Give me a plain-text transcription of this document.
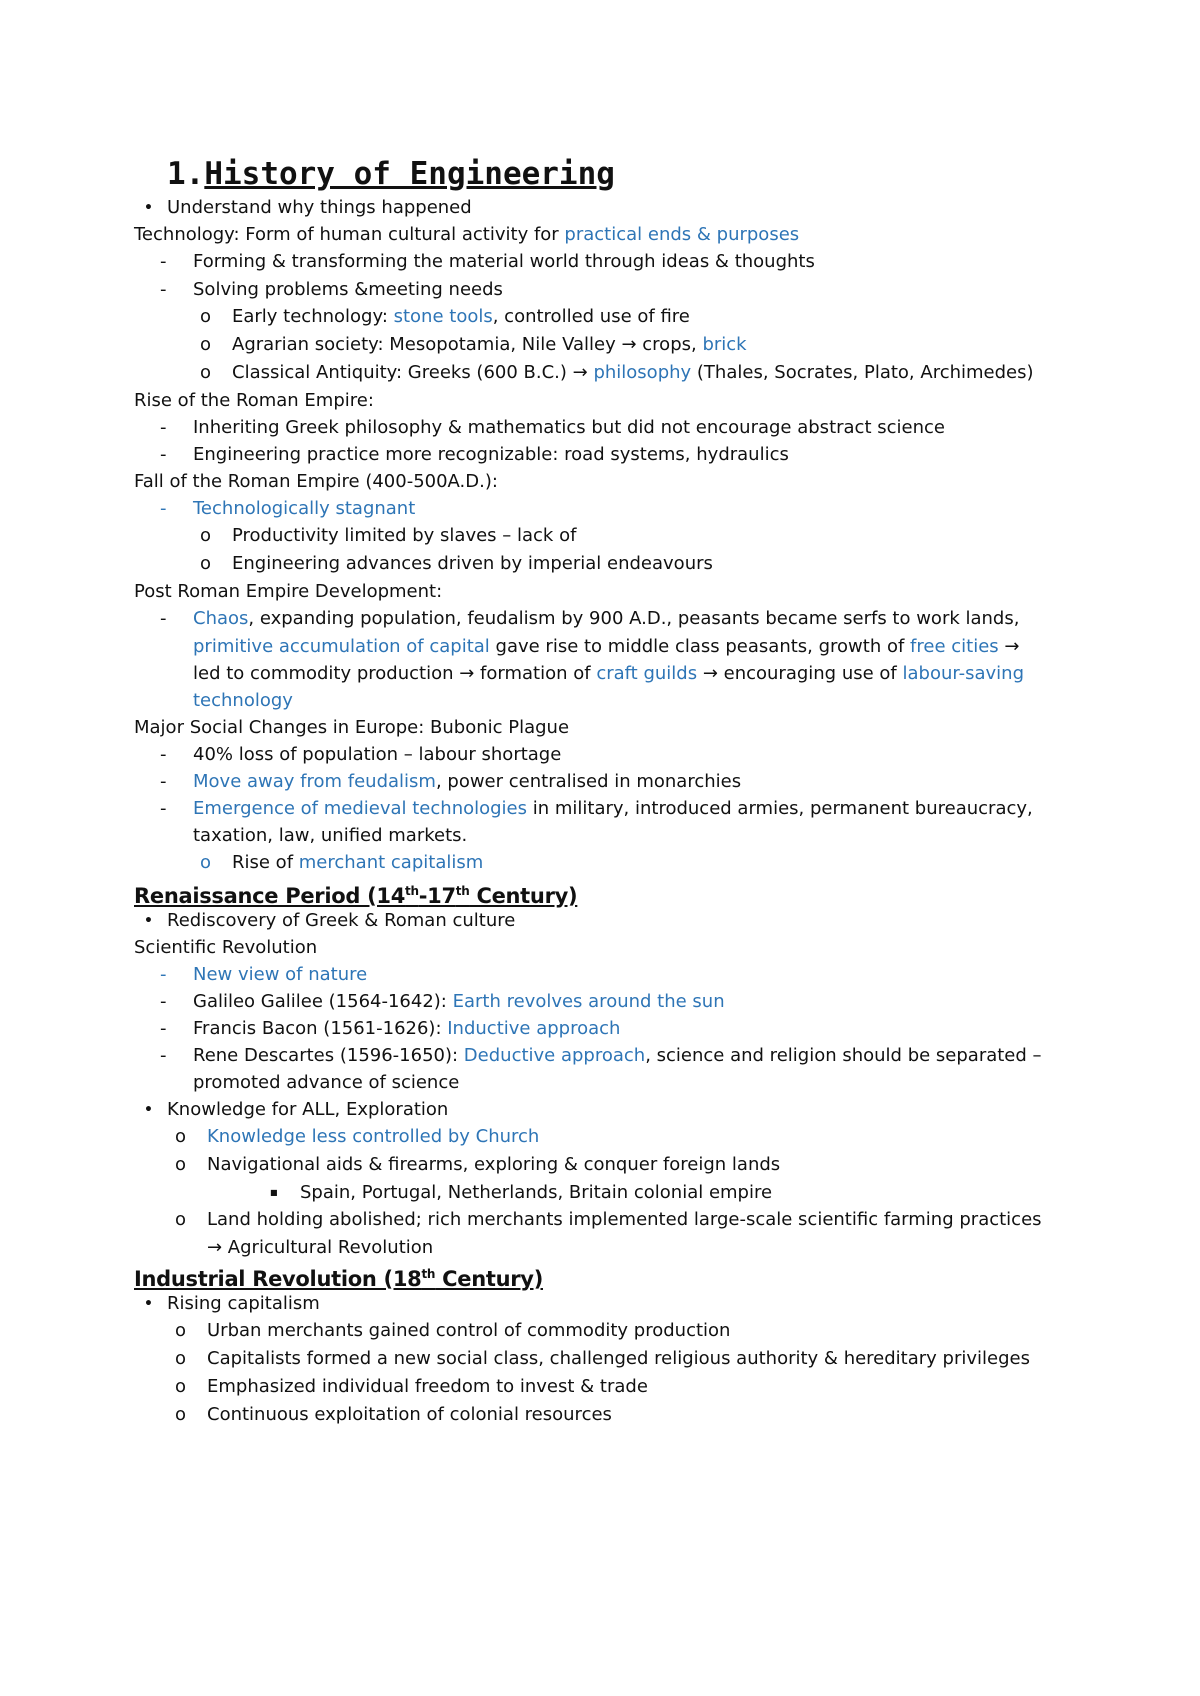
1.History of Engineering
Understand why things happened
Technology: Form of human cultural activity for practical ends & purposes
Forming & transforming the material world through ideas & thoughts
Solving problems &meeting needs
Early technology: stone tools, controlled use of fire
Agrarian society: Mesopotamia, Nile Valley → crops, brick
Classical Antiquity: Greeks (600 B.C.) → philosophy (Thales, Socrates, Plato, Archimedes)
Rise of the Roman Empire:
Inheriting Greek philosophy & mathematics but did not encourage abstract science
Engineering practice more recognizable: road systems, hydraulics
Fall of the Roman Empire (400-500A.D.):
Technologically stagnant
Productivity limited by slaves – lack of
Engineering advances driven by imperial endeavours
Post Roman Empire Development:
Chaos, expanding population, feudalism by 900 A.D., peasants became serfs to work lands,
primitive accumulation of capital gave rise to middle class peasants, growth of free cities →
led to commodity production → formation of craft guilds → encouraging use of labour-saving
technology
Major Social Changes in Europe: Bubonic Plague
40% loss of population – labour shortage
Move away from feudalism, power centralised in monarchies
Emergence of medieval technologies in military, introduced armies, permanent bureaucracy,
taxation, law, unified markets.
Rise of merchant capitalism
Rediscovery of Greek & Roman culture
Scientific Revolution
New view of nature
Galileo Galilee (1564-1642): Earth revolves around the sun
Francis Bacon (1561-1626): Inductive approach
Rene Descartes (1596-1650): Deductive approach, science and religion should be separated –
promoted advance of science
Knowledge for ALL, Exploration
Knowledge less controlled by Church
Navigational aids & firearms, exploring & conquer foreign lands
Spain, Portugal, Netherlands, Britain colonial empire
Land holding abolished; rich merchants implemented large-scale scientific farming practices
→ Agricultural Revolution
Rising capitalism
Urban merchants gained control of commodity production
Capitalists formed a new social class, challenged religious authority & hereditary privileges
Emphasized individual freedom to invest & trade
Continuous exploitation of colonial resources
Renaissance Period (14th-17th Century)
Industrial Revolution (18th Century)
•
-
-
o
o
o
-
-
-
o
o
-
-
-
-
o
•
-
-
-
-
•
o
o
■
o
•
o
o
o
o
